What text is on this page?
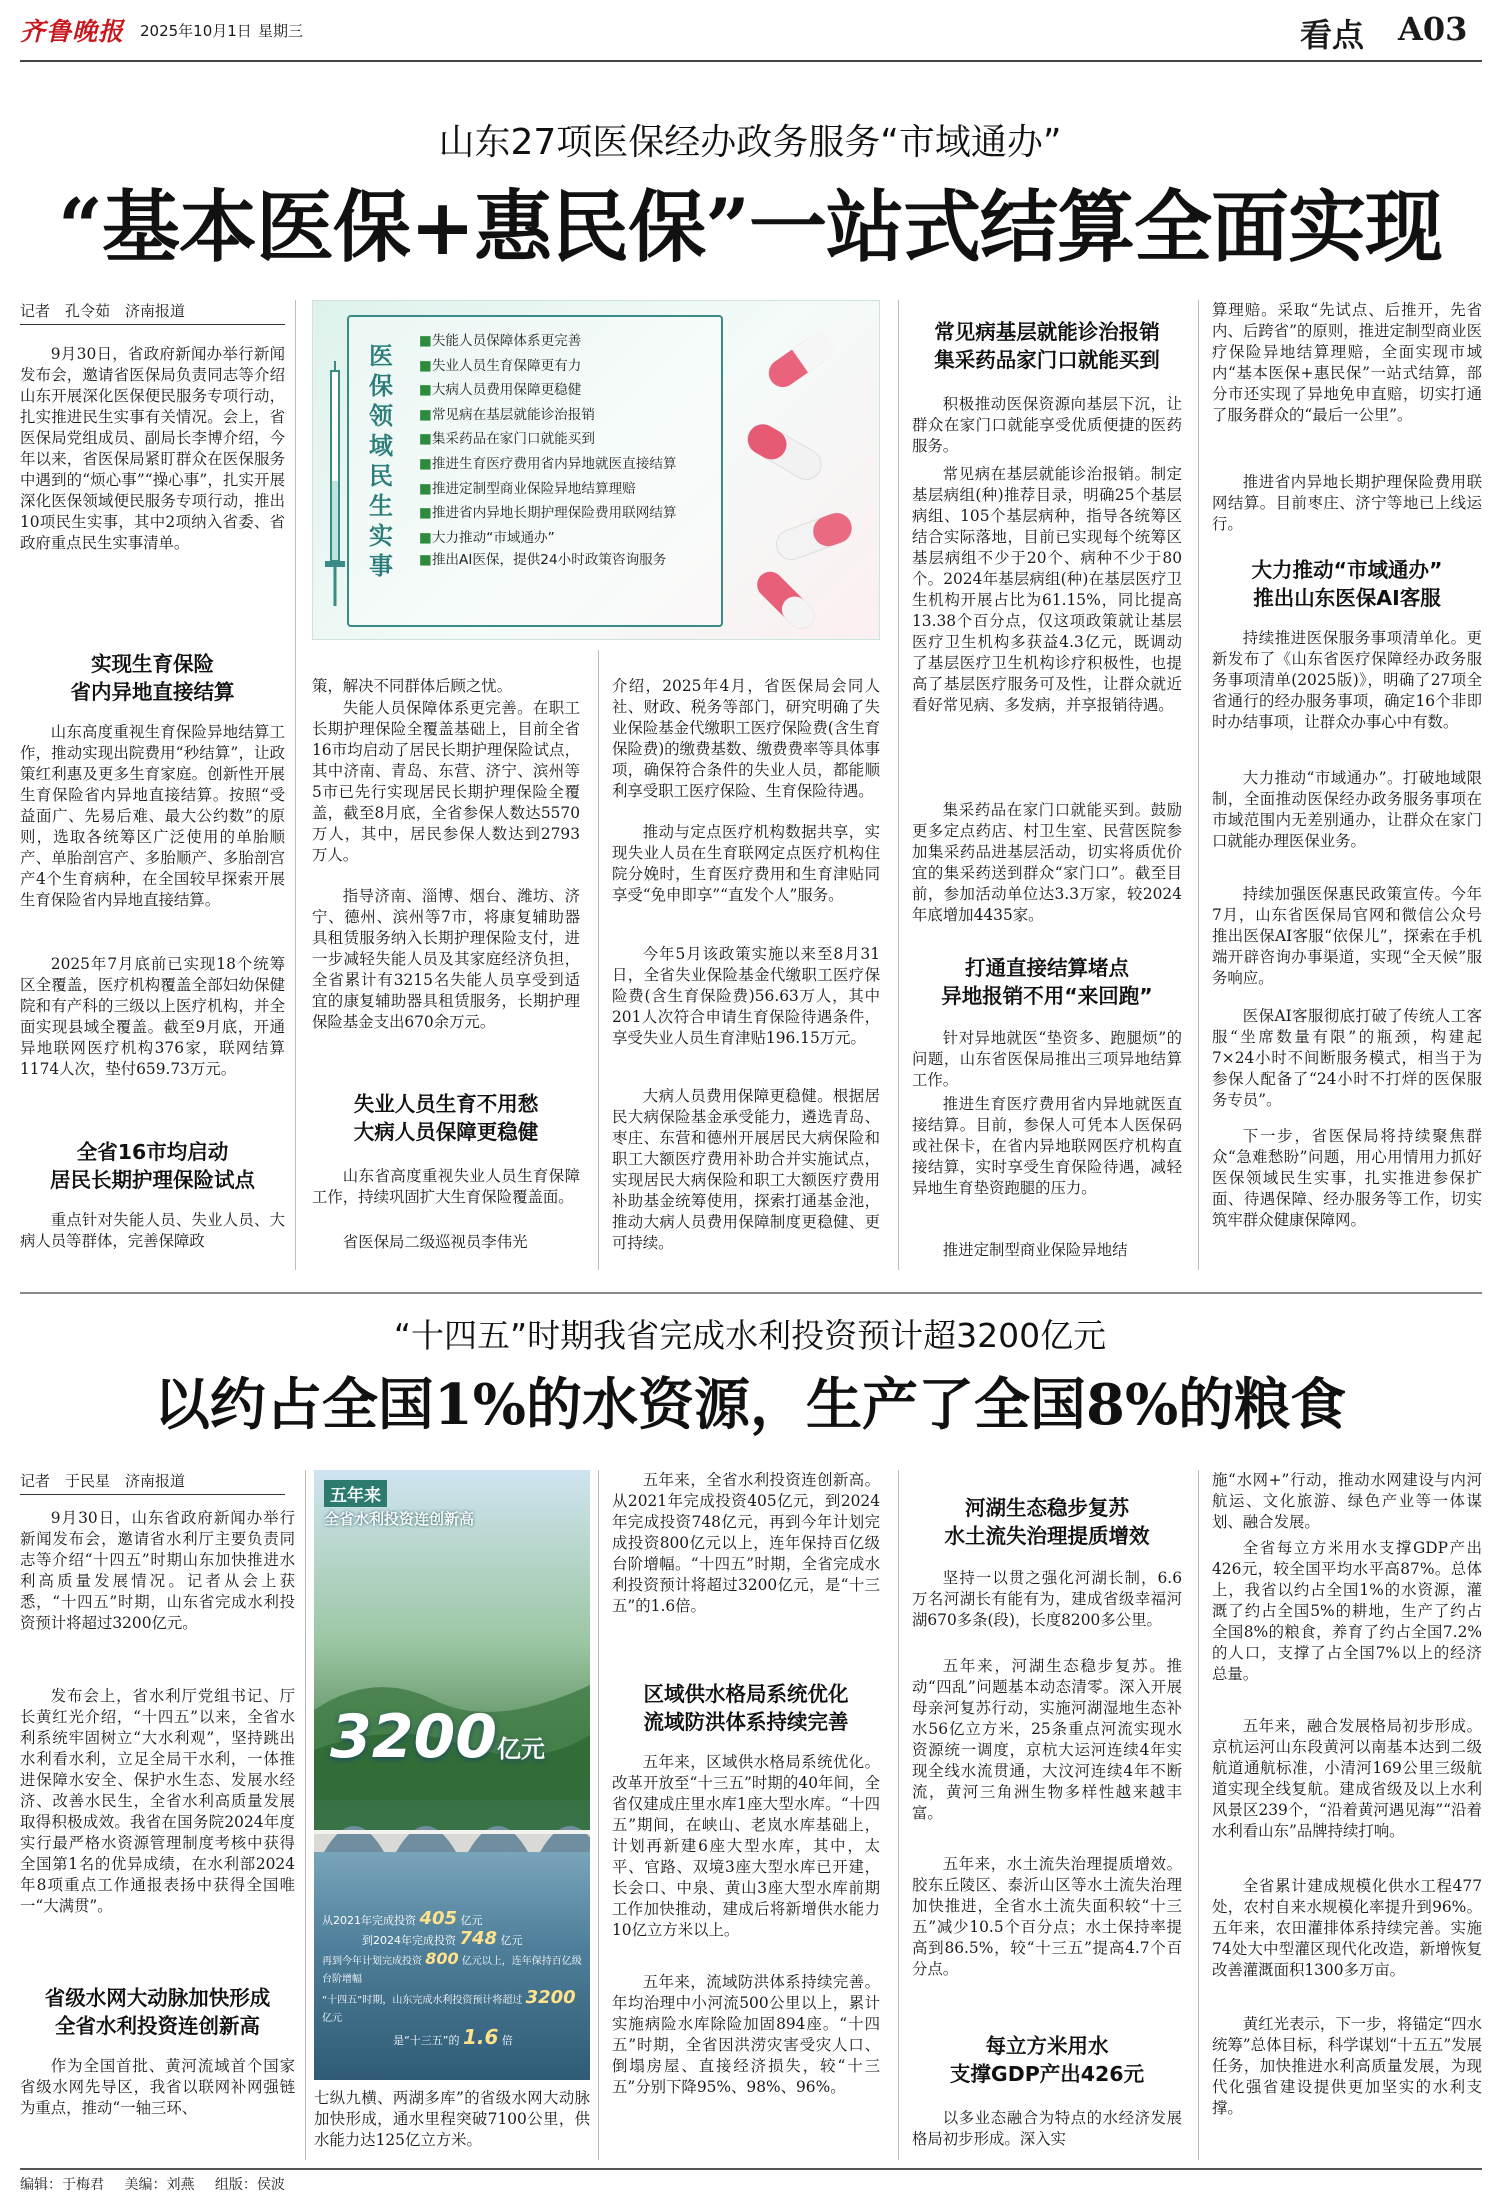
齐鲁晚报 2025年10月1日 星期三	看点 A03
山东27项医保经办政务服务“市域通办”
“基本医保+惠民保”一站式结算全面实现
记者　孔令茹　济南报道
9月30日，省政府新闻办举行新闻发布会，邀请省医保局负责同志等介绍山东开展深化医保便民服务专项行动，扎实推进民生实事有关情况。会上，省医保局党组成员、副局长李博介绍，今年以来，省医保局紧盯群众在医保服务中遇到的“烦心事”“操心事”，扎实开展深化医保领域便民服务专项行动，推出10项民生实事，其中2项纳入省委、省政府重点民生实事清单。
实现生育保险
省内异地直接结算
山东高度重视生育保险异地结算工作，推动实现出院费用“秒结算”，让政策红利惠及更多生育家庭。创新性开展生育保险省内异地直接结算。按照“受益面广、先易后难、最大公约数”的原则，选取各统筹区广泛使用的单胎顺产、单胎剖宫产、多胎顺产、多胎剖宫产4个生育病种，在全国较早探索开展生育保险省内异地直接结算。
2025年7月底前已实现18个统筹区全覆盖，医疗机构覆盖全部妇幼保健院和有产科的三级以上医疗机构，并全面实现县域全覆盖。截至9月底，开通异地联网医疗机构376家，联网结算1174人次，垫付659.73万元。
全省16市均启动
居民长期护理保险试点
重点针对失能人员、失业人员、大病人员等群体，完善保障政
医保领域民生实事
■失能人员保障体系更完善
■失业人员生育保障更有力
■大病人员费用保障更稳健
■常见病在基层就能诊治报销
■集采药品在家门口就能买到
■推进生育医疗费用省内异地就医直接结算
■推进定制型商业保险异地结算理赔
■推进省内异地长期护理保险费用联网结算
■大力推动“市域通办”
■推出AI医保，提供24小时政策咨询服务
策，解决不同群体后顾之忧。
失能人员保障体系更完善。在职工长期护理保险全覆盖基础上，目前全省16市均启动了居民长期护理保险试点，其中济南、青岛、东营、济宁、滨州等5市已先行实现居民长期护理保险全覆盖，截至8月底，全省参保人数达5570万人，其中，居民参保人数达到2793万人。
指导济南、淄博、烟台、潍坊、济宁、德州、滨州等7市，将康复辅助器具租赁服务纳入长期护理保险支付，进一步减轻失能人员及其家庭经济负担，全省累计有3215名失能人员享受到适宜的康复辅助器具租赁服务，长期护理保险基金支出670余万元。
失业人员生育不用愁
大病人员保障更稳健
山东省高度重视失业人员生育保障工作，持续巩固扩大生育保险覆盖面。
省医保局二级巡视员李伟光
介绍，2025年4月，省医保局会同人社、财政、税务等部门，研究明确了失业保险基金代缴职工医疗保险费(含生育保险费)的缴费基数、缴费费率等具体事项，确保符合条件的失业人员，都能顺利享受职工医疗保险、生育保险待遇。
推动与定点医疗机构数据共享，实现失业人员在生育联网定点医疗机构住院分娩时，生育医疗费用和生育津贴同享受“免申即享”“直发个人”服务。
今年5月该政策实施以来至8月31日，全省失业保险基金代缴职工医疗保险费(含生育保险费)56.63万人，其中201人次符合申请生育保险待遇条件，享受失业人员生育津贴196.15万元。
大病人员费用保障更稳健。根据居民大病保险基金承受能力，遴选青岛、枣庄、东营和德州开展居民大病保险和职工大额医疗费用补助合并实施试点，实现居民大病保险和职工大额医疗费用补助基金统筹使用，探索打通基金池，推动大病人员费用保障制度更稳健、更可持续。
常见病基层就能诊治报销
集采药品家门口就能买到
积极推动医保资源向基层下沉，让群众在家门口就能享受优质便捷的医药服务。
常见病在基层就能诊治报销。制定基层病组(种)推荐目录，明确25个基层病组、105个基层病种，指导各统筹区结合实际落地，目前已实现每个统筹区基层病组不少于20个、病种不少于80个。2024年基层病组(种)在基层医疗卫生机构开展占比为61.15%，同比提高13.38个百分点，仅这项政策就让基层医疗卫生机构多获益4.3亿元，既调动了基层医疗卫生机构诊疗积极性，也提高了基层医疗服务可及性，让群众就近看好常见病、多发病，并享报销待遇。
集采药品在家门口就能买到。鼓励更多定点药店、村卫生室、民营医院参加集采药品进基层活动，切实将质优价宜的集采药送到群众“家门口”。截至目前，参加活动单位达3.3万家，较2024年底增加4435家。
打通直接结算堵点
异地报销不用“来回跑”
针对异地就医“垫资多、跑腿烦”的问题，山东省医保局推出三项异地结算工作。
推进生育医疗费用省内异地就医直接结算。目前，参保人可凭本人医保码或社保卡，在省内异地联网医疗机构直接结算，实时享受生育保险待遇，减轻异地生育垫资跑腿的压力。
推进定制型商业保险异地结
算理赔。采取“先试点、后推开，先省内、后跨省”的原则，推进定制型商业医疗保险异地结算理赔，全面实现市域内“基本医保+惠民保”一站式结算，部分市还实现了异地免申直赔，切实打通了服务群众的“最后一公里”。
推进省内异地长期护理保险费用联网结算。目前枣庄、济宁等地已上线运行。
大力推动“市域通办”
推出山东医保AI客服
持续推进医保服务事项清单化。更新发布了《山东省医疗保障经办政务服务事项清单(2025版)》，明确了27项全省通行的经办服务事项，确定16个非即时办结事项，让群众办事心中有数。
大力推动“市域通办”。打破地域限制，全面推动医保经办政务服务事项在市域范围内无差别通办，让群众在家门口就能办理医保业务。
持续加强医保惠民政策宣传。今年7月，山东省医保局官网和微信公众号推出医保AI客服“依保儿”，探索在手机端开辟咨询办事渠道，实现“全天候”服务响应。
医保AI客服彻底打破了传统人工客服“坐席数量有限”的瓶颈，构建起7×24小时不间断服务模式，相当于为参保人配备了“24小时不打烊的医保服务专员”。
下一步，省医保局将持续聚焦群众“急难愁盼”问题，用心用情用力抓好医保领域民生实事，扎实推进参保扩面、待遇保障、经办服务等工作，切实筑牢群众健康保障网。
“十四五”时期我省完成水利投资预计超3200亿元
以约占全国1%的水资源，生产了全国8%的粮食
记者　于民星　济南报道
9月30日，山东省政府新闻办举行新闻发布会，邀请省水利厅主要负责同志等介绍“十四五”时期山东加快推进水利高质量发展情况。记者从会上获悉，“十四五”时期，山东省完成水利投资预计将超过3200亿元。
发布会上，省水利厅党组书记、厅长黄红光介绍，“十四五”以来，全省水利系统牢固树立“大水利观”，坚持跳出水利看水利，立足全局干水利，一体推进保障水安全、保护水生态、发展水经济、改善水民生，全省水利高质量发展取得积极成效。我省在国务院2024年度实行最严格水资源管理制度考核中获得全国第1名的优异成绩，在水利部2024年8项重点工作通报表扬中获得全国唯一“大满贯”。
省级水网大动脉加快形成
全省水利投资连创新高
作为全国首批、黄河流域首个国家省级水网先导区，我省以联网补网强链为重点，推动“一轴三环、
五年来
全省水利投资连创新高
3200亿元
从2021年完成投资 405 亿元
到2024年完成投资 748 亿元
再到今年计划完成投资 800 亿元以上，连年保持百亿级台阶增幅
“十四五”时期，山东完成水利投资预计将超过 3200 亿元
是“十三五”的 1.6 倍
七纵九横、两湖多库”的省级水网大动脉加快形成，通水里程突破7100公里，供水能力达125亿立方米。
五年来，全省水利投资连创新高。从2021年完成投资405亿元，到2024年完成投资748亿元，再到今年计划完成投资800亿元以上，连年保持百亿级台阶增幅。“十四五”时期，全省完成水利投资预计将超过3200亿元，是“十三五”的1.6倍。
区域供水格局系统优化
流域防洪体系持续完善
五年来，区域供水格局系统优化。改革开放至“十三五”时期的40年间，全省仅建成庄里水库1座大型水库。“十四五”期间，在峡山、老岚水库基础上，计划再新建6座大型水库，其中，太平、官路、双境3座大型水库已开建，长会口、中泉、黄山3座大型水库前期工作加快推动，建成后将新增供水能力10亿立方米以上。
五年来，流域防洪体系持续完善。年均治理中小河流500公里以上，累计实施病险水库除险加固894座。“十四五”时期，全省因洪涝灾害受灾人口、倒塌房屋、直接经济损失，较“十三五”分别下降95%、98%、96%。
河湖生态稳步复苏
水土流失治理提质增效
坚持一以贯之强化河湖长制，6.6万名河湖长有能有为，建成省级幸福河湖670多条(段)，长度8200多公里。
五年来，河湖生态稳步复苏。推动“四乱”问题基本动态清零。深入开展母亲河复苏行动，实施河湖湿地生态补水56亿立方米，25条重点河流实现水资源统一调度，京杭大运河连续4年实现全线水流贯通，大汶河连续4年不断流，黄河三角洲生物多样性越来越丰富。
五年来，水土流失治理提质增效。胶东丘陵区、泰沂山区等水土流失治理加快推进，全省水土流失面积较“十三五”减少10.5个百分点；水土保持率提高到86.5%，较“十三五”提高4.7个百分点。
每立方米用水
支撑GDP产出426元
以多业态融合为特点的水经济发展格局初步形成。深入实
施“水网+”行动，推动水网建设与内河航运、文化旅游、绿色产业等一体谋划、融合发展。
全省每立方米用水支撑GDP产出426元，较全国平均水平高87%。总体上，我省以约占全国1%的水资源，灌溉了约占全国5%的耕地，生产了约占全国8%的粮食，养育了约占全国7.2%的人口，支撑了占全国7%以上的经济总量。
五年来，融合发展格局初步形成。京杭运河山东段黄河以南基本达到二级航道通航标准，小清河169公里三级航道实现全线复航。建成省级及以上水利风景区239个，“沿着黄河遇见海”“沿着水利看山东”品牌持续打响。
全省累计建成规模化供水工程477处，农村自来水规模化率提升到96%。五年来，农田灌排体系持续完善。实施74处大中型灌区现代化改造，新增恢复改善灌溉面积1300多万亩。
黄红光表示，下一步，将锚定“四水统筹”总体目标，科学谋划“十五五”发展任务，加快推进水利高质量发展，为现代化强省建设提供更加坚实的水利支撑。
编辑：于梅君 美编：刘燕 组版：侯波
